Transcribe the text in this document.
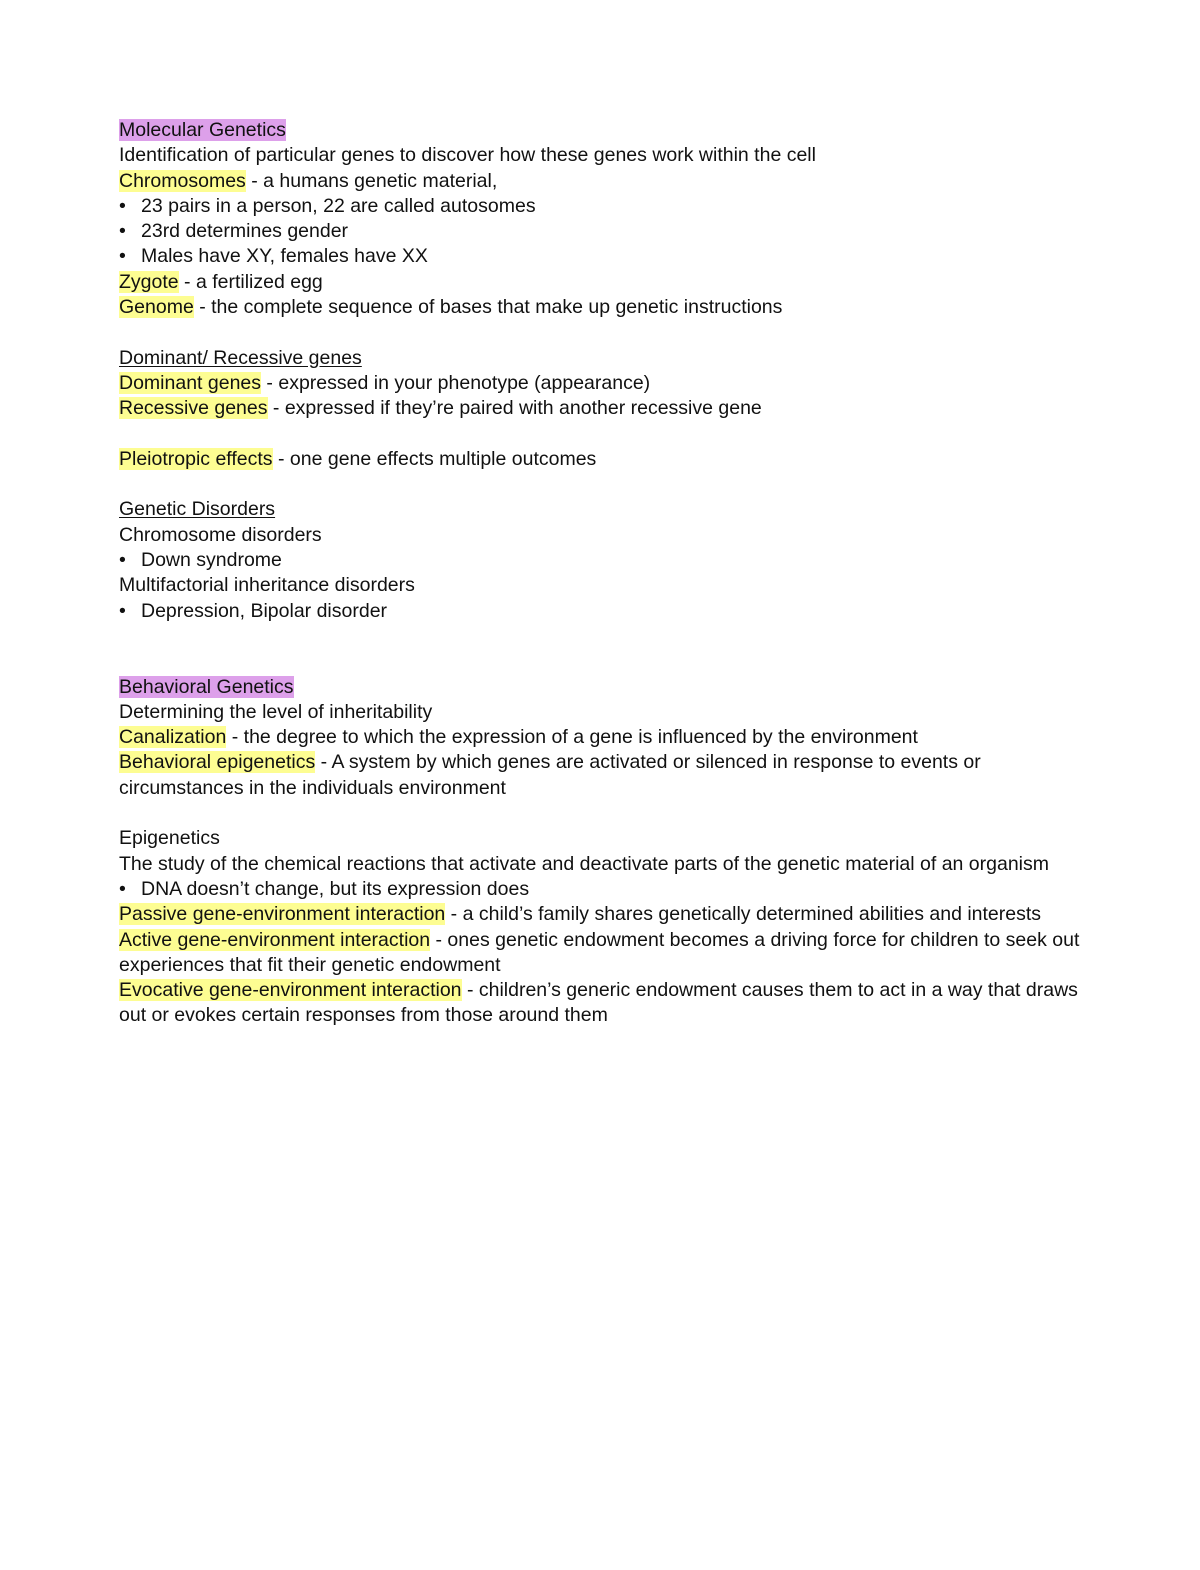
Molecular Genetics

Identification of particular genes to discover how these genes work within the cell

Chromosomes - a humans genetic material,

• 23 pairs in a person, 22 are called autosomes

• 23rd determines gender

• Males have XY, females have XX

Zygote - a fertilized egg

Genome - the complete sequence of bases that make up genetic instructions

Dominant/ Recessive genes

Dominant genes - expressed in your phenotype (appearance)

Recessive genes - expressed if they’re paired with another recessive gene

Pleiotropic effects - one gene effects multiple outcomes

Genetic Disorders

Chromosome disorders

• Down syndrome

Multifactorial inheritance disorders

• Depression, Bipolar disorder

Behavioral Genetics

Determining the level of inheritability

Canalization - the degree to which the expression of a gene is influenced by the environment

Behavioral epigenetics - A system by which genes are activated or silenced in response to events or circumstances in the individuals environment

Epigenetics

The study of the chemical reactions that activate and deactivate parts of the genetic material of an organism

• DNA doesn’t change, but its expression does

Passive gene-environment interaction - a child’s family shares genetically determined abilities and interests

Active gene-environment interaction - ones genetic endowment becomes a driving force for children to seek out experiences that fit their genetic endowment

Evocative gene-environment interaction - children’s generic endowment causes them to act in a way that draws out or evokes certain responses from those around them
